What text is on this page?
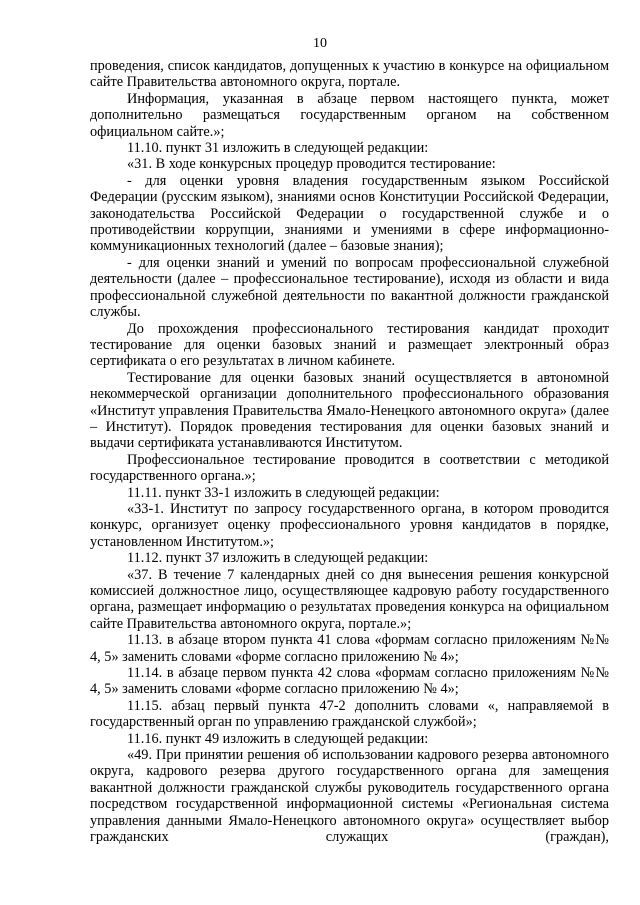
10

проведения, список кандидатов, допущенных к участию в конкурсе на официальном сайте Правительства автономного округа, портале.

Информация, указанная в абзаце первом настоящего пункта, может дополнительно размещаться государственным органом на собственном официальном сайте.»;

11.10. пункт 31 изложить в следующей редакции:

«31. В ходе конкурсных процедур проводится тестирование:

- для оценки уровня владения государственным языком Российской Федерации (русским языком), знаниями основ Конституции Российской Федерации, законодательства Российской Федерации о государственной службе и о противодействии коррупции, знаниями и умениями в сфере информационно-коммуникационных технологий (далее – базовые знания);

- для оценки знаний и умений по вопросам профессиональной служебной деятельности (далее – профессиональное тестирование), исходя из области и вида профессиональной служебной деятельности по вакантной должности гражданской службы.

До прохождения профессионального тестирования кандидат проходит тестирование для оценки базовых знаний и размещает электронный образ сертификата о его результатах в личном кабинете.

Тестирование для оценки базовых знаний осуществляется в автономной некоммерческой организации дополнительного профессионального образования «Институт управления Правительства Ямало-Ненецкого автономного округа» (далее – Институт). Порядок проведения тестирования для оценки базовых знаний и выдачи сертификата устанавливаются Институтом.

Профессиональное тестирование проводится в соответствии с методикой государственного органа.»;

11.11. пункт 33-1 изложить в следующей редакции:

«33-1. Институт по запросу государственного органа, в котором проводится конкурс, организует оценку профессионального уровня кандидатов в порядке, установленном Институтом.»;

11.12. пункт 37 изложить в следующей редакции:

«37. В течение 7 календарных дней со дня вынесения решения конкурсной комиссией должностное лицо, осуществляющее кадровую работу государственного органа, размещает информацию о результатах проведения конкурса на официальном сайте Правительства автономного округа, портале.»;

11.13. в абзаце втором пункта 41 слова «формам согласно приложениям №№ 4, 5» заменить словами «форме согласно приложению № 4»;

11.14. в абзаце первом пункта 42 слова «формам согласно приложениям №№ 4, 5» заменить словами «форме согласно приложению № 4»;

11.15. абзац первый пункта 47-2 дополнить словами «, направляемой в государственный орган по управлению гражданской службой»;

11.16. пункт 49 изложить в следующей редакции:

«49. При принятии решения об использовании кадрового резерва автономного округа, кадрового резерва другого государственного органа для замещения вакантной должности гражданской службы руководитель государственного органа посредством государственной информационной системы «Региональная система управления данными Ямало-Ненецкого автономного округа» осуществляет выбор гражданских служащих (граждан),
